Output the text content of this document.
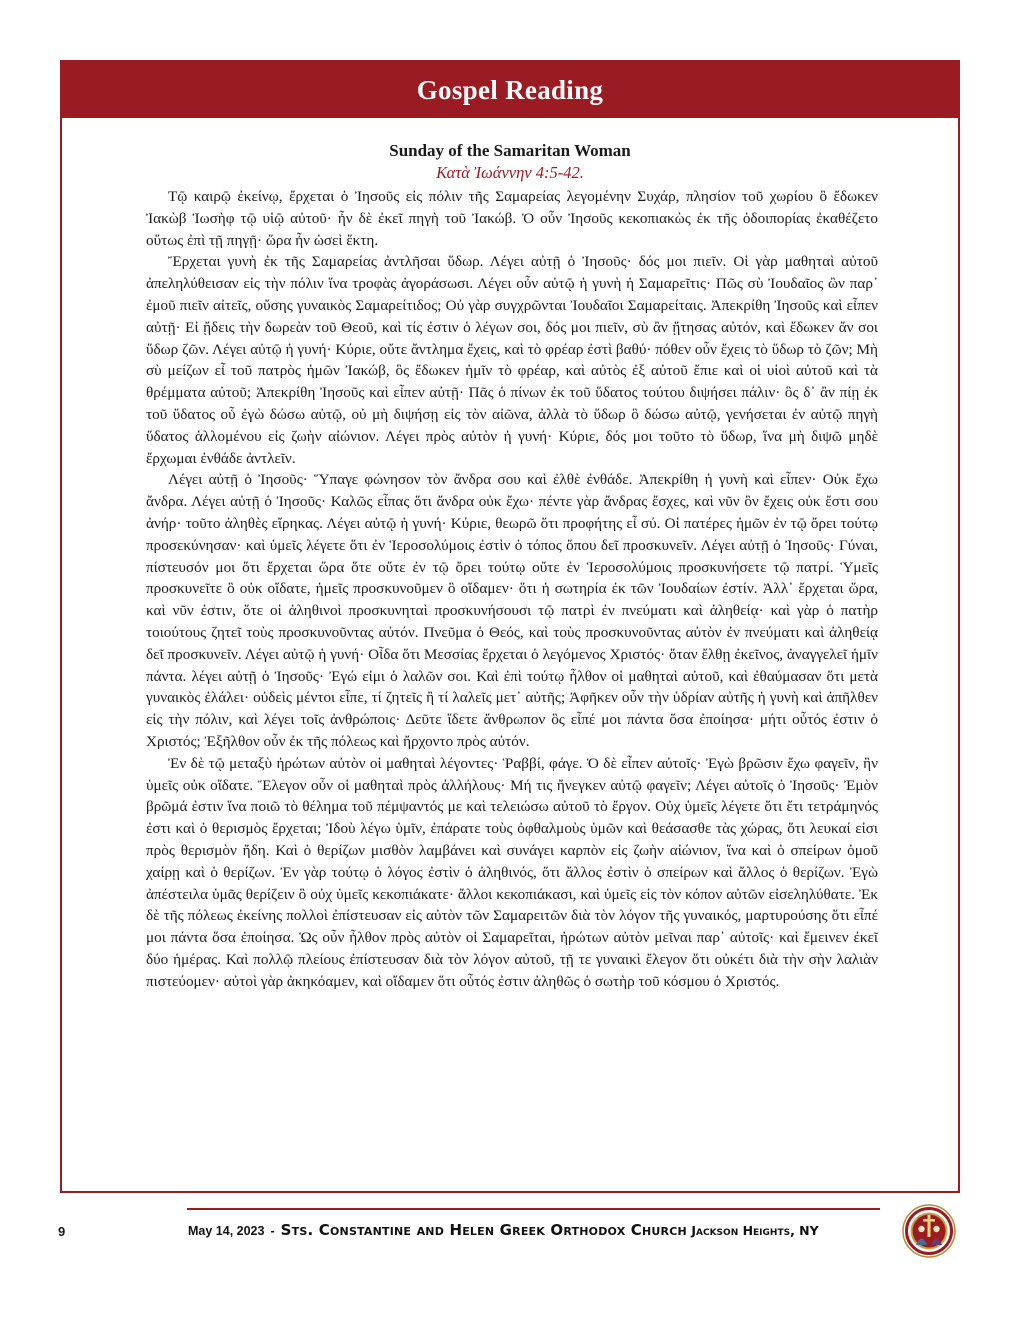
Gospel Reading
Sunday of the Samaritan Woman
Κατὰ Ἰωάννην 4:5-42.

Τῷ καιρῷ ἐκείνῳ, ἔρχεται ὁ Ἰησοῦς εἰς πόλιν τῆς Σαμαρείας λεγομένην Συχάρ, πλησίον τοῦ χωρίου ὃ ἔδωκεν Ἰακὼβ Ἰωσὴφ τῷ υἱῷ αὐτοῦ· ἦν δὲ ἐκεῖ πηγὴ τοῦ Ἰακώβ. Ὁ οὖν Ἰησοῦς κεκοπιακὼς ἐκ τῆς ὁδοιπορίας ἐκαθέζετο οὕτως ἐπὶ τῇ πηγῇ· ὥρα ἦν ὡσεὶ ἕκτη.

Ἔρχεται γυνὴ ἐκ τῆς Σαμαρείας ἀντλῆσαι ὕδωρ. Λέγει αὐτῇ ὁ Ἰησοῦς· δός μοι πιεῖν. Οἱ γὰρ μαθηταὶ αὐτοῦ ἀπεληλύθεισαν εἰς τὴν πόλιν ἵνα τροφὰς ἀγοράσωσι. Λέγει οὖν αὐτῷ ἡ γυνὴ ἡ Σαμαρεῖτις· Πῶς σὺ Ἰουδαῖος ὢν παρ᾽ ἐμοῦ πιεῖν αἰτεῖς, οὔσης γυναικὸς Σαμαρείτιδος; Οὐ γὰρ συγχρῶνται Ἰουδαῖοι Σαμαρείταις. Ἀπεκρίθη Ἰησοῦς καὶ εἶπεν αὐτῇ· Εἰ ᾔδεις τὴν δωρεὰν τοῦ Θεοῦ, καὶ τίς ἐστιν ὁ λέγων σοι, δός μοι πιεῖν, σὺ ἂν ᾔτησας αὐτόν, καὶ ἔδωκεν ἄν σοι ὕδωρ ζῶν. Λέγει αὐτῷ ἡ γυνή· Κύριε, οὔτε ἄντλημα ἔχεις, καὶ τὸ φρέαρ ἐστὶ βαθύ· πόθεν οὖν ἔχεις τὸ ὕδωρ τὸ ζῶν; Μὴ σὺ μείζων εἶ τοῦ πατρὸς ἡμῶν Ἰακώβ, ὃς ἔδωκεν ἡμῖν τὸ φρέαρ, καὶ αὐτὸς ἐξ αὐτοῦ ἔπιε καὶ οἱ υἱοὶ αὐτοῦ καὶ τὰ θρέμματα αὐτοῦ; Ἀπεκρίθη Ἰησοῦς καὶ εἶπεν αὐτῇ· Πᾶς ὁ πίνων ἐκ τοῦ ὕδατος τούτου διψήσει πάλιν· ὃς δ᾽ ἂν πίῃ ἐκ τοῦ ὕδατος οὗ ἐγὼ δώσω αὐτῷ, οὐ μὴ διψήσῃ εἰς τὸν αἰῶνα, ἀλλὰ τὸ ὕδωρ ὃ δώσω αὐτῷ, γενήσεται ἐν αὐτῷ πηγὴ ὕδατος ἁλλομένου εἰς ζωὴν αἰώνιον. Λέγει πρὸς αὐτὸν ἡ γυνή· Κύριε, δός μοι τοῦτο τὸ ὕδωρ, ἵνα μὴ διψῶ μηδὲ ἔρχωμαι ἐνθάδε ἀντλεῖν.

Λέγει αὐτῇ ὁ Ἰησοῦς· Ὕπαγε φώνησον τὸν ἄνδρα σου καὶ ἐλθὲ ἐνθάδε. Ἀπεκρίθη ἡ γυνὴ καὶ εἶπεν· Οὐκ ἔχω ἄνδρα. Λέγει αὐτῇ ὁ Ἰησοῦς· Καλῶς εἶπας ὅτι ἄνδρα οὐκ ἔχω· πέντε γὰρ ἄνδρας ἔσχες, καὶ νῦν ὃν ἔχεις οὐκ ἔστι σου ἀνήρ· τοῦτο ἀληθὲς εἴρηκας. Λέγει αὐτῷ ἡ γυνή· Κύριε, θεωρῶ ὅτι προφήτης εἶ σύ. Οἱ πατέρες ἡμῶν ἐν τῷ ὄρει τούτῳ προσεκύνησαν· καὶ ὑμεῖς λέγετε ὅτι ἐν Ἱεροσολύμοις ἐστὶν ὁ τόπος ὅπου δεῖ προσκυνεῖν. Λέγει αὐτῇ ὁ Ἰησοῦς· Γύναι, πίστευσόν μοι ὅτι ἔρχεται ὥρα ὅτε οὔτε ἐν τῷ ὄρει τούτῳ οὔτε ἐν Ἱεροσολύμοις προσκυνήσετε τῷ πατρί. Ὑμεῖς προσκυνεῖτε ὃ οὐκ οἴδατε, ἡμεῖς προσκυνοῦμεν ὃ οἴδαμεν· ὅτι ἡ σωτηρία ἐκ τῶν Ἰουδαίων ἐστίν. Ἀλλ᾽ ἔρχεται ὥρα, καὶ νῦν ἐστιν, ὅτε οἱ ἀληθινοὶ προσκυνηταὶ προσκυνήσουσι τῷ πατρὶ ἐν πνεύματι καὶ ἀληθείᾳ· καὶ γὰρ ὁ πατὴρ τοιούτους ζητεῖ τοὺς προσκυνοῦντας αὐτόν. Πνεῦμα ὁ Θεός, καὶ τοὺς προσκυνοῦντας αὐτὸν ἐν πνεύματι καὶ ἀληθείᾳ δεῖ προσκυνεῖν. Λέγει αὐτῷ ἡ γυνή· Οἶδα ὅτι Μεσσίας ἔρχεται ὁ λεγόμενος Χριστός· ὅταν ἔλθῃ ἐκεῖνος, ἀναγγελεῖ ἡμῖν πάντα. λέγει αὐτῇ ὁ Ἰησοῦς· Ἐγώ εἰμι ὁ λαλῶν σοι. Καὶ ἐπὶ τούτῳ ἦλθον οἱ μαθηταὶ αὐτοῦ, καὶ ἐθαύμασαν ὅτι μετὰ γυναικὸς ἐλάλει· οὐδεὶς μέντοι εἶπε, τί ζητεῖς ἢ τί λαλεῖς μετ᾽ αὐτῆς; Ἀφῆκεν οὖν τὴν ὑδρίαν αὐτῆς ἡ γυνὴ καὶ ἀπῆλθεν εἰς τὴν πόλιν, καὶ λέγει τοῖς ἀνθρώποις· Δεῦτε ἴδετε ἄνθρωπον ὃς εἶπέ μοι πάντα ὅσα ἐποίησα· μήτι οὗτός ἐστιν ὁ Χριστός; Ἐξῆλθον οὖν ἐκ τῆς πόλεως καὶ ἤρχοντο πρὸς αὐτόν.

Ἐν δὲ τῷ μεταξὺ ἠρώτων αὐτὸν οἱ μαθηταὶ λέγοντες· Ῥαββί, φάγε. Ὁ δὲ εἶπεν αὐτοῖς· Ἐγὼ βρῶσιν ἔχω φαγεῖν, ἣν ὑμεῖς οὐκ οἴδατε. Ἔλεγον οὖν οἱ μαθηταὶ πρὸς ἀλλήλους· Μή τις ἤνεγκεν αὐτῷ φαγεῖν; Λέγει αὐτοῖς ὁ Ἰησοῦς· Ἐμὸν βρῶμά ἐστιν ἵνα ποιῶ τὸ θέλημα τοῦ πέμψαντός με καὶ τελειώσω αὐτοῦ τὸ ἔργον. Οὐχ ὑμεῖς λέγετε ὅτι ἔτι τετράμηνός ἐστι καὶ ὁ θερισμὸς ἔρχεται; Ἰδοὺ λέγω ὑμῖν, ἐπάρατε τοὺς ὀφθαλμοὺς ὑμῶν καὶ θεάσασθε τὰς χώρας, ὅτι λευκαί εἰσι πρὸς θερισμὸν ἤδη. Καὶ ὁ θερίζων μισθὸν λαμβάνει καὶ συνάγει καρπὸν εἰς ζωὴν αἰώνιον, ἵνα καὶ ὁ σπείρων ὁμοῦ χαίρῃ καὶ ὁ θερίζων. Ἐν γὰρ τούτῳ ὁ λόγος ἐστὶν ὁ ἀληθινός, ὅτι ἄλλος ἐστὶν ὁ σπείρων καὶ ἄλλος ὁ θερίζων. Ἐγὼ ἀπέστειλα ὑμᾶς θερίζειν ὃ οὐχ ὑμεῖς κεκοπιάκατε· ἄλλοι κεκοπιάκασι, καὶ ὑμεῖς εἰς τὸν κόπον αὐτῶν εἰσεληλύθατε. Ἐκ δὲ τῆς πόλεως ἐκείνης πολλοὶ ἐπίστευσαν εἰς αὐτὸν τῶν Σαμαρειτῶν διὰ τὸν λόγον τῆς γυναικός, μαρτυρούσης ὅτι εἶπέ μοι πάντα ὅσα ἐποίησα. Ὡς οὖν ἦλθον πρὸς αὐτὸν οἱ Σαμαρεῖται, ἠρώτων αὐτὸν μεῖναι παρ᾽ αὐτοῖς· καὶ ἔμεινεν ἐκεῖ δύο ἡμέρας. Καὶ πολλῷ πλείους ἐπίστευσαν διὰ τὸν λόγον αὐτοῦ, τῇ τε γυναικὶ ἔλεγον ὅτι οὐκέτι διὰ τὴν σὴν λαλιὰν πιστεύομεν· αὐτοὶ γὰρ ἀκηκόαμεν, καὶ οἴδαμεν ὅτι οὗτός ἐστιν ἀληθῶς ὁ σωτὴρ τοῦ κόσμου ὁ Χριστός.

9	May 14, 2023 - Sts. Constantine and Helen Greek Orthodox Church Jackson Heights, NY
